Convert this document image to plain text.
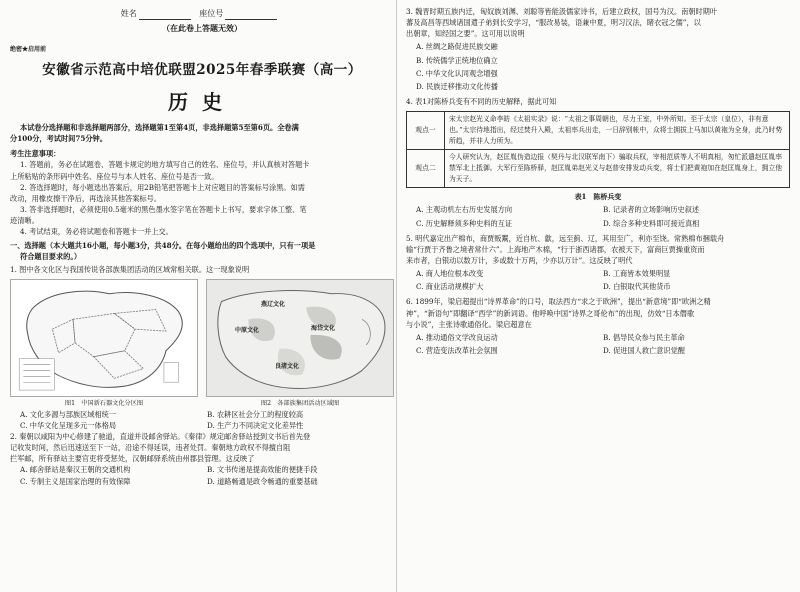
姓名	座位号
（在此卷上答题无效）
绝密★启用前
安徽省示范高中培优联盟2025年春季联赛（高一）
历史
本试卷分选择题和非选择题两部分，选择题第1至第4页，非选择题第5至第6页。全卷满
分100分，考试时间75分钟。
考生注意事项：
1. 答题前，务必在试题卷、答题卡规定的地方填写自己的姓名、座位号，并认真核对答题卡
上所粘贴的条形码中姓名、座位号与本人姓名、座位号是否一致。
2. 答选择题时，每小题选出答案后，用2B铅笔把答题卡上对应题目的答案标号涂黑。如需
改动，用橡皮擦干净后，再选涂其他答案标号。
3. 答非选择题时，必须使用0.5毫米的黑色墨水签字笔在答题卡上书写，要求字体工整、笔
迹清晰。
4. 考试结束，务必将试题卷和答题卡一并上交。
一、选择题（本大题共16小题，每小题3分，共48分。在每小题给出的四个选项中，只有一项是
符合题目要求的。）
1. 图中各文化区与我国传说各部族集团活动的区域常相关联。这一现象说明
燕辽文化
中原文化	海岱文化
良渚文化
图1　中国新石器文化分区图	图2　各部族集团活动区域图
A. 文化多源与部族区域相统一	B. 农耕区社会分工的程度较高
C. 中华文化呈现多元一体格局	D. 生产力不同决定文化差异性
2. 秦朝以咸阳为中心修建了驰道，直道并设邮舍驿站。《秦律》规定邮舍驿站授到文书后首先登
记收发时间，然后迅速送至下一站，沿途不得延误，违者处罚。秦朝地方政权不得擅自阻
拦军邮，所有驿站主要官吏将受惩处，汉朝邮驿系统由州郡县管理。这反映了
A. 邮舍驿站是秦汉王朝的交通机构	B. 文书传递是提高效能的便捷手段
C. 专制主义是国家治理的有效保障	D. 道路畅通是政令畅通的重要基础
3. 魏晋时期五族内迁，匈奴族刘渊、刘聪等皆能汲儒家诗书，后建立政权，国号为汉。南朝时期叶
蕃及高昌等西域诸国遣子弟到长安学习，“服改易装，语兼中夏，明习汉法，睹衣冠之儒”，以
出朝章，知经国之要”。这可用以说明
A. 丝绸之路促进民族交融
B. 传统儒学正统地位确立
C. 中华文化认同观念增强
D. 民族迁移推动文化传播
4. 表1对陈桥兵变有不同的历史解释，据此可知
观点一	宋太宗赵光义命李昉《太祖实录》说：“太祖之事周朝也，尽力王室，中外所知。至于太宗（皇位），非有意也。”太宗待地指出，经过焚升入殿，太祖率兵出走，一日辞别帐中，众将士拥拔上马加以黄袍为全身，此乃时势所趋，并非人力所为。
观点二	今人研究认为，赵匡胤伪造边报（契丹与北汉联军南下）骗取兵权，宰相范质等人不明真相，匆忙派遣赵匡胤率禁军北上抵御。大军行至陈桥驿，赵匡胤弟赵光义与赵普安排发动兵变，将士们把黄袍加在赵匡胤身上，拥立他为天子。
表1　陈桥兵变
A. 主观动机左右历史发展方向	B. 记录者的立场影响历史叙述
C. 历史解释须多种史料的互证	D. 综合多种史料即可接近真相
5. 明代嘉定出产棉布，商贾贩鬻，近自杭、歙，远至蓟、辽，其用至广，利亦至饶。常熟棉布捆载舟
输“行贾于齐鲁之境者常什六”。上海地产木棉，“行于浙西诸郡，农被天下，富商巨贾操重资而
来市者，白银动以数万计，多或数十万两，少亦以万计”。这反映了明代
A. 商人地位根本改变	B. 工商皆本效果明显
C. 商业活动规模扩大	D. 白银取代其他货币
6. 1899年，梁启超提出“诗界革命”的口号，取法西方“求之于欧洲”，提出“新意境”即“欧洲之精
神”，“新语句”即翻译“西学”的新词语。他呼唤中国“诗界之哥伦布”的出现，仿效“日本僭歌
与小说”，主张诗歌通俗化。梁启超意在
A. 推动通俗文学改良运动	B. 倡导民众参与民主革命
C. 营造变法改革社会氛围	D. 促进国人救亡意识觉醒
